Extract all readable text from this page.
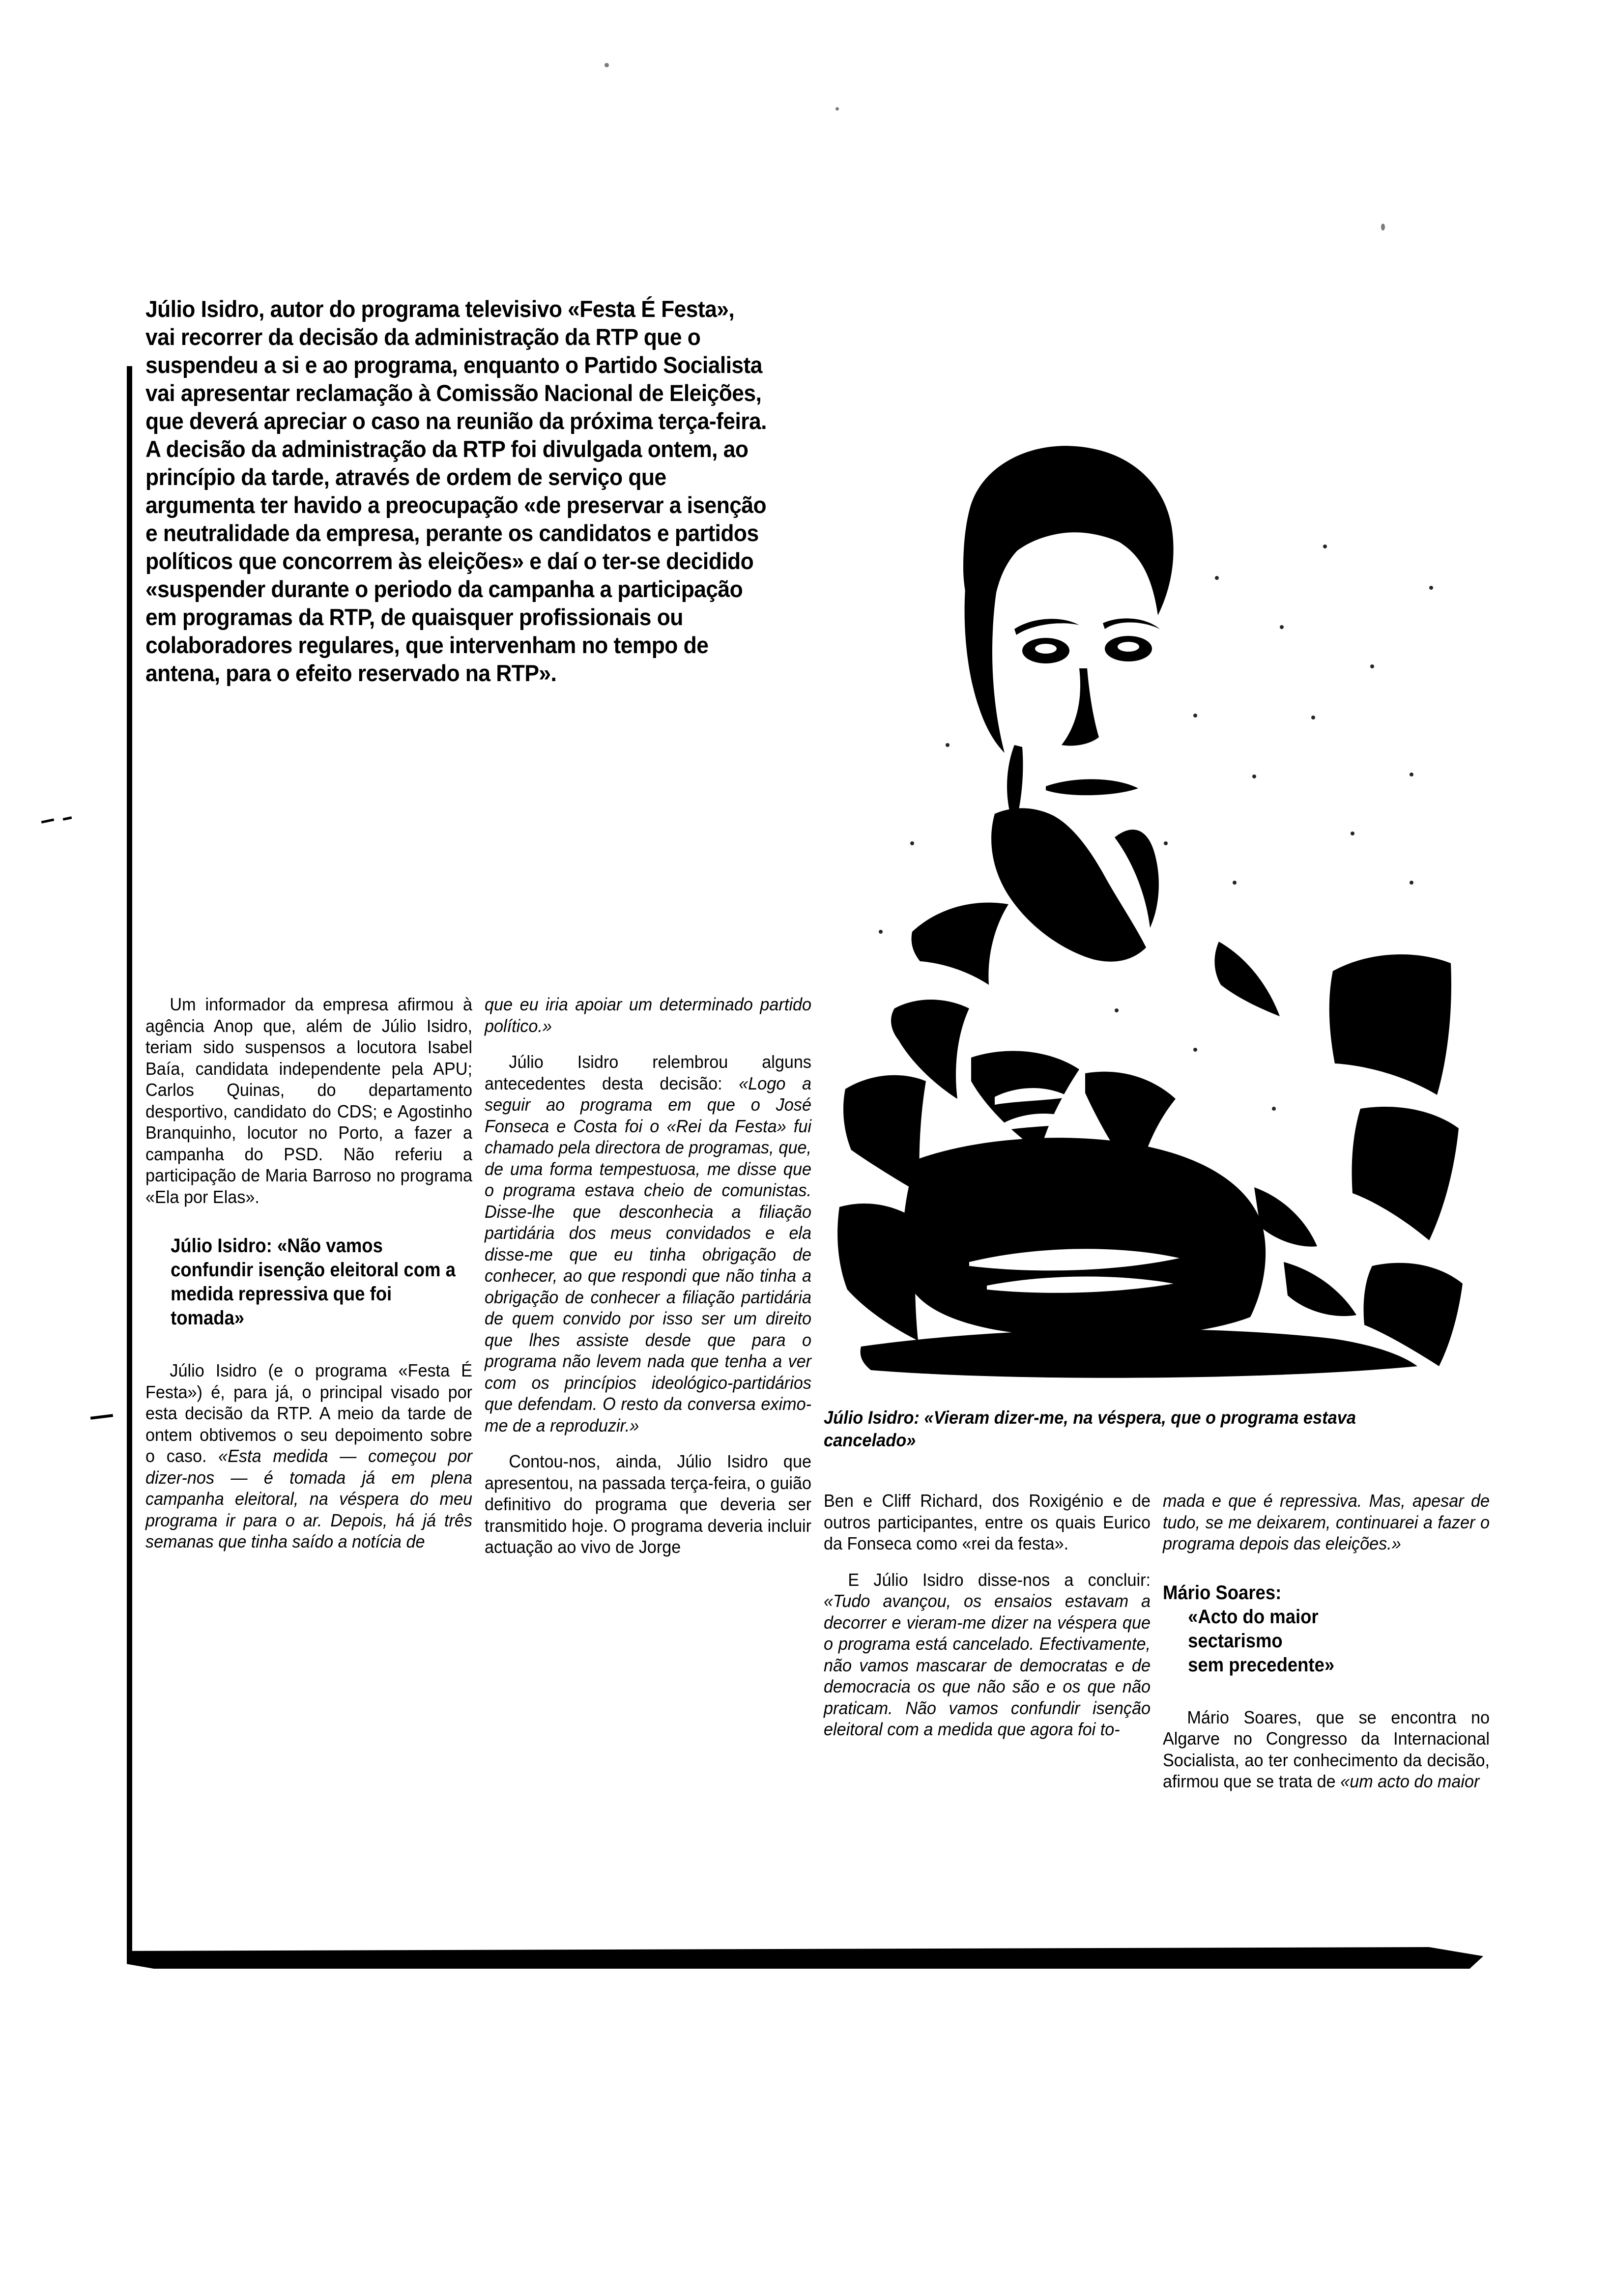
Júlio Isidro, autor do programa televisivo «Festa É Festa», vai recorrer da decisão da administração da RTP que o suspendeu a si e ao programa, enquanto o Partido Socialista vai apresentar reclamação à Comissão Nacional de Eleições, que deverá apreciar o caso na reunião da próxima terça-feira. A decisão da administração da RTP foi divulgada ontem, ao princípio da tarde, através de ordem de serviço que argumenta ter havido a preocupação «de preservar a isenção e neutralidade da empresa, perante os candidatos e partidos políticos que concorrem às eleições» e daí o ter-se decidido «suspender durante o periodo da campanha a participação em programas da RTP, de quaisquer profissionais ou colaboradores regulares, que intervenham no tempo de antena, para o efeito reservado na RTP».

Júlio Isidro: «Vieram dizer-me, na véspera, que o programa estava cancelado»

Um informador da empresa afirmou à agência Anop que, além de Júlio Isidro, teriam sido suspensos a locutora Isabel Baía, candidata independente pela APU; Carlos Quinas, do departamento desportivo, candidato do CDS; e Agostinho Branquinho, locutor no Porto, a fazer a campanha do PSD. Não referiu a participação de Maria Barroso no programa «Ela por Elas».

Júlio Isidro: «Não vamos confundir isenção eleitoral com a medida repressiva que foi tomada»

Júlio Isidro (e o programa «Festa É Festa») é, para já, o principal visado por esta decisão da RTP. A meio da tarde de ontem obtivemos o seu depoimento sobre o caso. «Esta medida — começou por dizer-nos — é tomada já em plena campanha eleitoral, na véspera do meu programa ir para o ar. Depois, há já três semanas que tinha saído a notícia de

que eu iria apoiar um determinado partido político.»

Júlio Isidro relembrou alguns antecedentes desta decisão: «Logo a seguir ao programa em que o José Fonseca e Costa foi o «Rei da Festa» fui chamado pela directora de programas, que, de uma forma tempestuosa, me disse que o programa estava cheio de comunistas. Disse-lhe que desconhecia a filiação partidária dos meus convidados e ela disse-me que eu tinha obrigação de conhecer, ao que respondi que não tinha a obrigação de conhecer a filiação partidária de quem convido por isso ser um direito que lhes assiste desde que para o programa não levem nada que tenha a ver com os princípios ideológico-partidários que defendam. O resto da conversa eximo-me de a reproduzir.»

Contou-nos, ainda, Júlio Isidro que apresentou, na passada terça-feira, o guião definitivo do programa que deveria ser transmitido hoje. O programa deveria incluir actuação ao vivo de Jorge

Ben e Cliff Richard, dos Roxigénio e de outros participantes, entre os quais Eurico da Fonseca como «rei da festa».

E Júlio Isidro disse-nos a concluir: «Tudo avançou, os ensaios estavam a decorrer e vieram-me dizer na véspera que o programa está cancelado. Efectivamente, não vamos mascarar de democratas e de democracia os que não são e os que não praticam. Não vamos confundir isenção eleitoral com a medida que agora foi to-

mada e que é repressiva. Mas, apesar de tudo, se me deixarem, continuarei a fazer o programa depois das eleições.»

Mário Soares:
«Acto do maior
sectarismo
sem precedente»

Mário Soares, que se encontra no Algarve no Congresso da Internacional Socialista, ao ter conhecimento da decisão, afirmou que se trata de «um acto do maior
